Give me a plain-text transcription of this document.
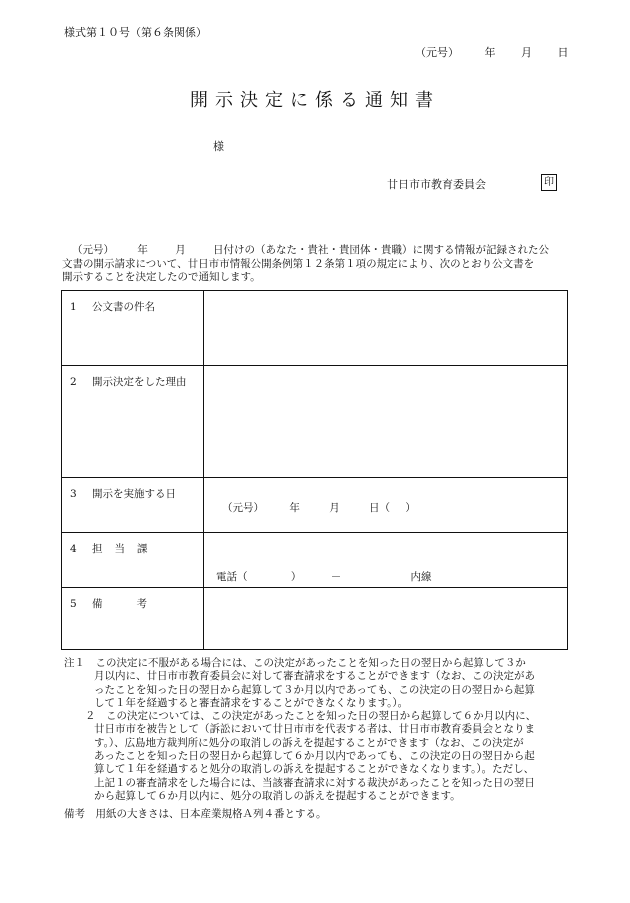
様式第１０号（第６条関係）
（元号） 年 月 日
開示決定に係る通知書
様
廿日市市教育委員会	印
（元号） 年	月	日付けの（あなた・貴社・貴団体・貴職）に関する情報が記録された公
文書の開示請求について、廿日市市情報公開条例第１２条第１項の規定により、次のとおり公文書を
開示することを決定したので通知します。
1 公文書の件名	
2 開示決定をした理由	
3 開示を実施する日	（元号） 年 月 日（ ）

4 担 当 課	電話（ ） － 内線

5 備 考	
注１　この決定に不服がある場合には、この決定があったことを知った日の翌日から起算して３か
月以内に、廿日市市教育委員会に対して審査請求をすることができます（なお、この決定があ
ったことを知った日の翌日から起算して３か月以内であっても、この決定の日の翌日から起算
して１年を経過すると審査請求をすることができなくなります。）。
２　この決定については、この決定があったことを知った日の翌日から起算して６か月以内に、
廿日市市を被告として（訴訟において廿日市市を代表する者は、廿日市市教育委員会となりま
す。）、広島地方裁判所に処分の取消しの訴えを提起することができます（なお、この決定が
あったことを知った日の翌日から起算して６か月以内であっても、この決定の日の翌日から起
算して１年を経過すると処分の取消しの訴えを提起することができなくなります。）。ただし、
上記１の審査請求をした場合には、当該審査請求に対する裁決があったことを知った日の翌日
から起算して６か月以内に、処分の取消しの訴えを提起することができます。
備考　用紙の大きさは、日本産業規格Ａ列４番とする。
